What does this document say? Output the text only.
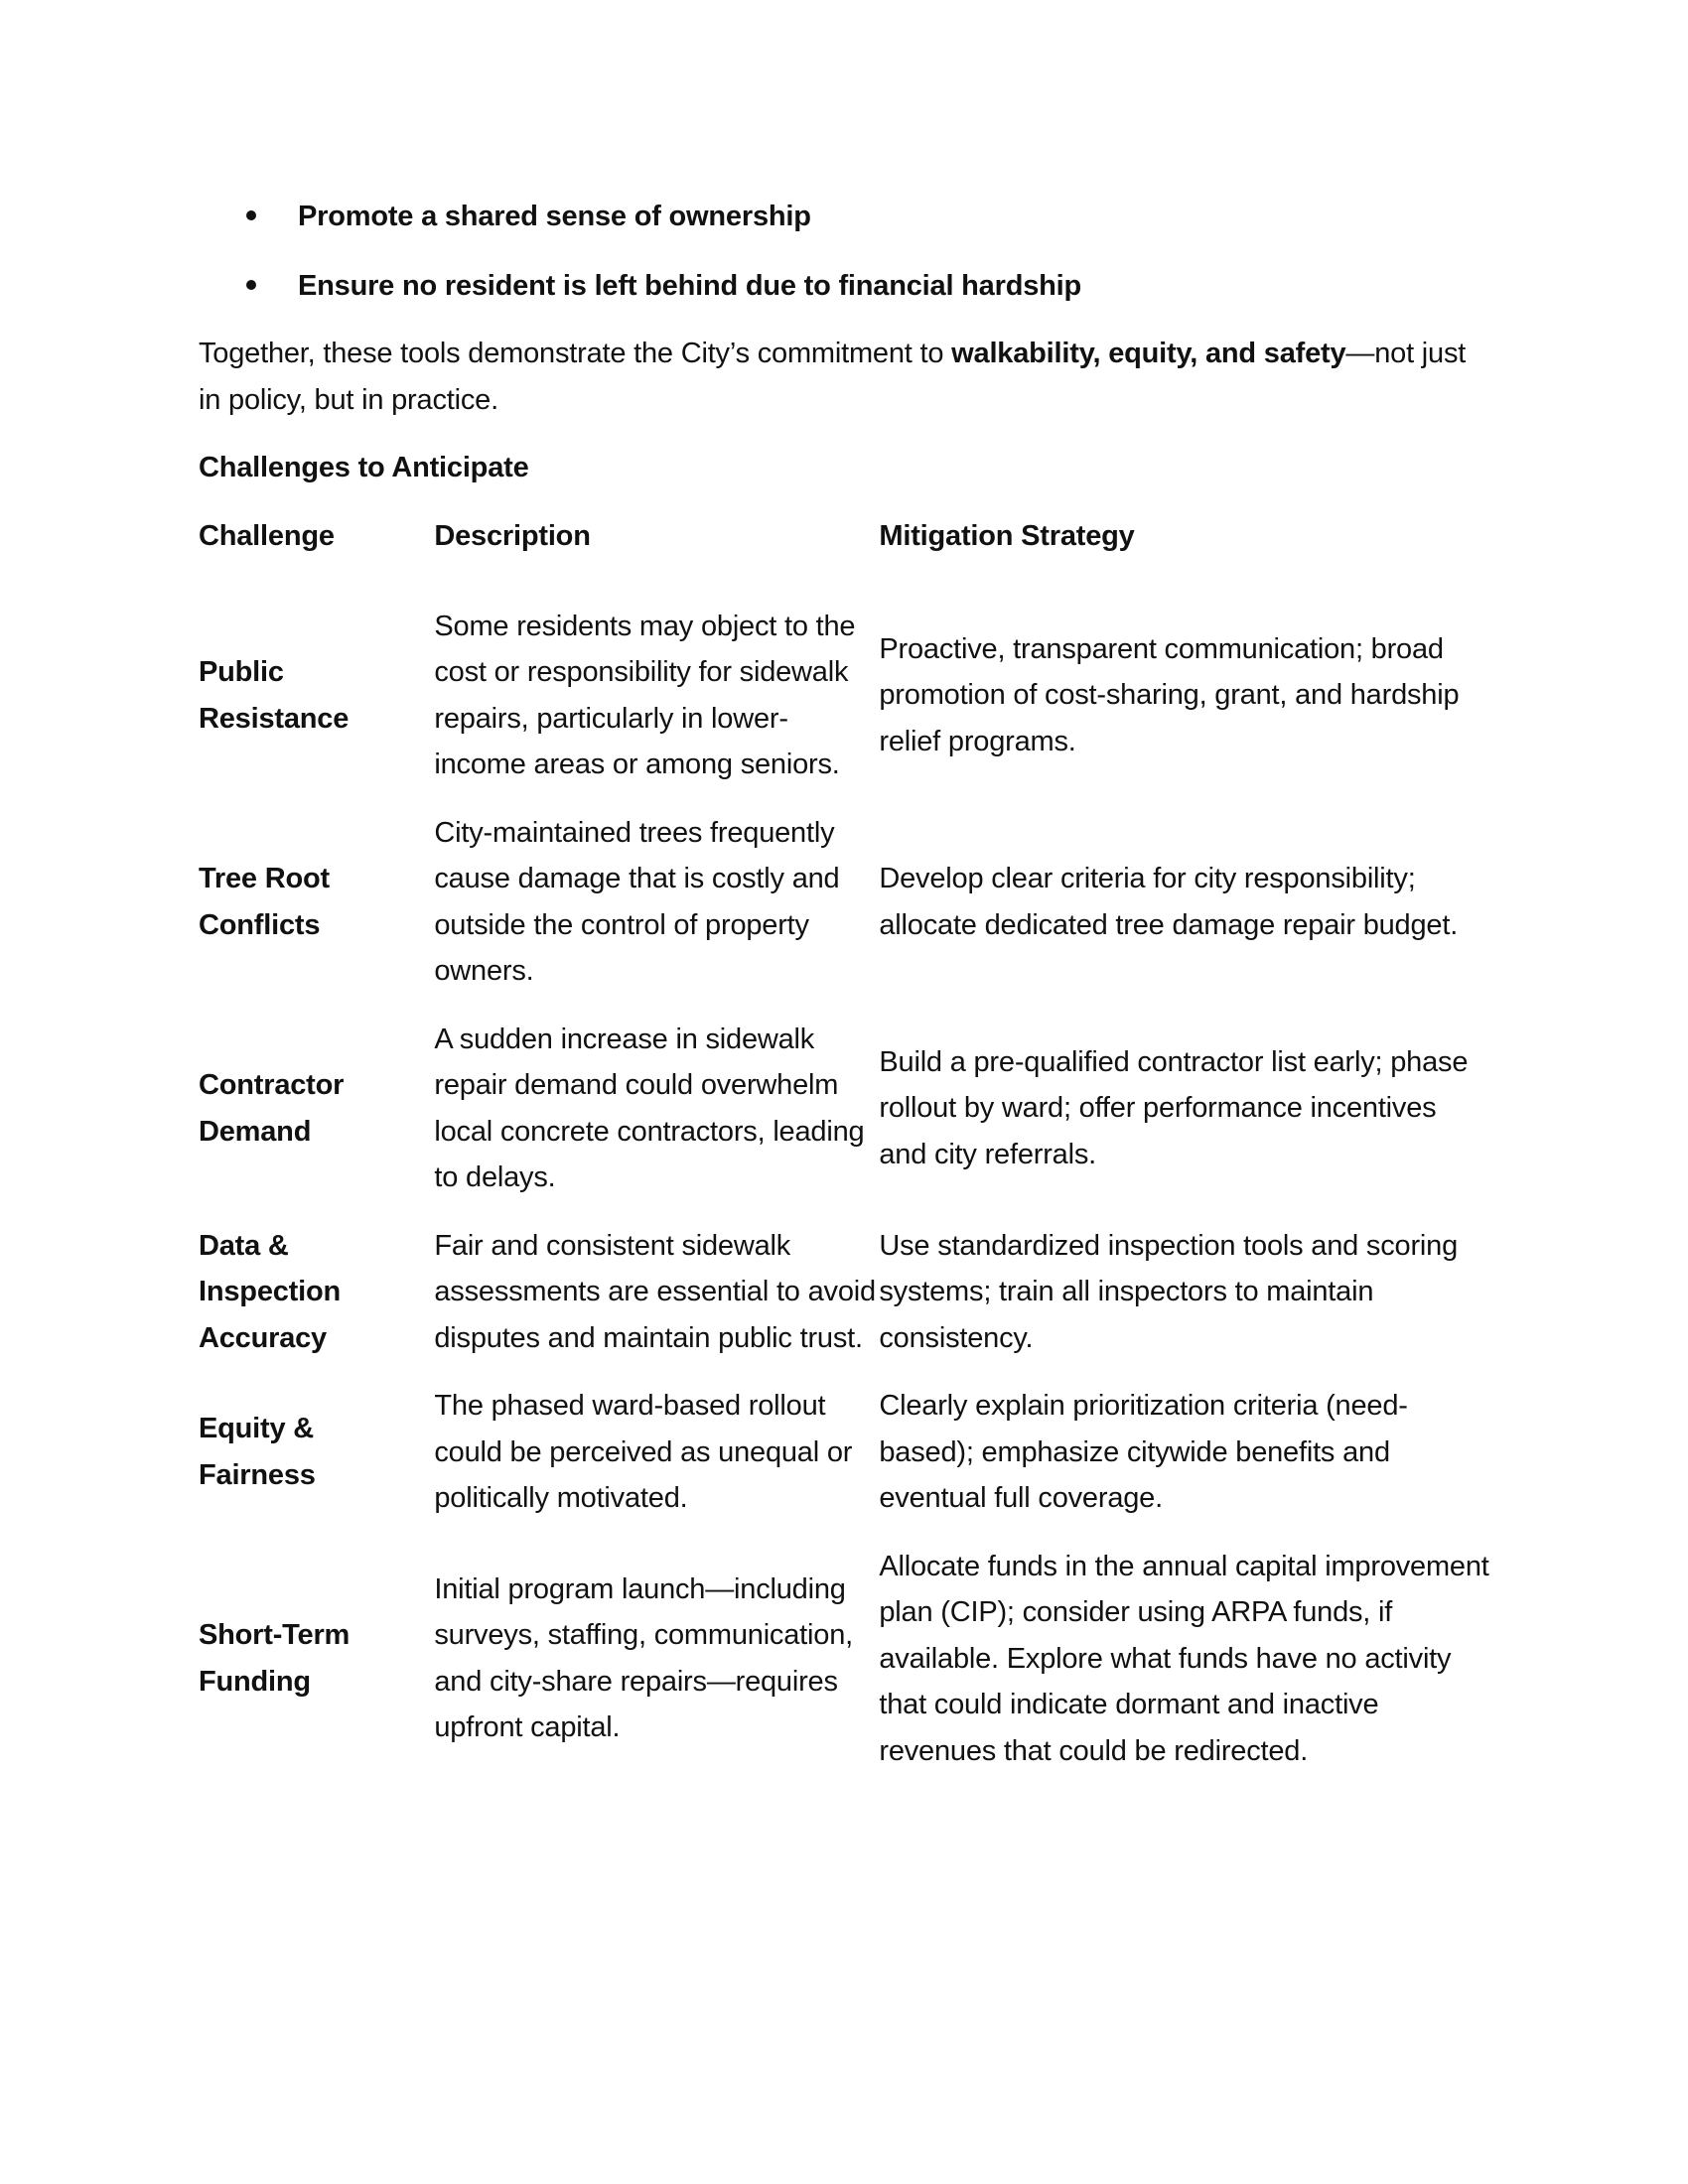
Promote a shared sense of ownership
Ensure no resident is left behind due to financial hardship

Together, these tools demonstrate the City’s commitment to walkability, equity, and safety—not just in policy, but in practice.

Challenges to Anticipate
Challenge	Description	Mitigation Strategy
Public Resistance	Some residents may object to the cost or responsibility for sidewalk repairs, particularly in lower-income areas or among seniors.	Proactive, transparent communication; broad promotion of cost-sharing, grant, and hardship relief programs.
Tree Root Conflicts	City-maintained trees frequently cause damage that is costly and outside the control of property owners.	Develop clear criteria for city responsibility; allocate dedicated tree damage repair budget.
Contractor Demand	A sudden increase in sidewalk repair demand could overwhelm local concrete contractors, leading to delays.	Build a pre-qualified contractor list early; phase rollout by ward; offer performance incentives and city referrals.
Data & Inspection Accuracy	Fair and consistent sidewalk assessments are essential to avoid disputes and maintain public trust.	Use standardized inspection tools and scoring systems; train all inspectors to maintain consistency.
Equity & Fairness	The phased ward-based rollout could be perceived as unequal or politically motivated.	Clearly explain prioritization criteria (need-based); emphasize citywide benefits and eventual full coverage.
Short-Term Funding	Initial program launch—including surveys, staffing, communication, and city-share repairs—requires upfront capital.	Allocate funds in the annual capital improvement plan (CIP); consider using ARPA funds, if available. Explore what funds have no activity that could indicate dormant and inactive revenues that could be redirected.
